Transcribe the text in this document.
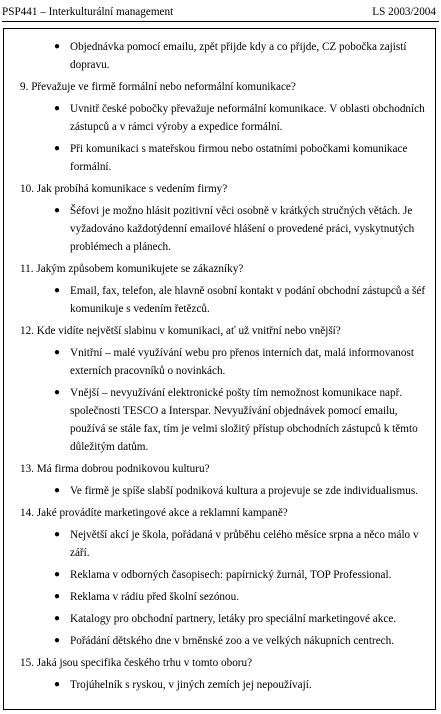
PSP441 – Interkulturální management	LS 2003/2004
● Objednávka pomocí emailu, zpět přijde kdy a co přijde, CZ pobočka zajistí dopravu.
9. Převažuje ve firmě formální nebo neformální komunikace?
● Uvnitř české pobočky převažuje neformální komunikace. V oblasti obchodních zástupců a v rámci výroby a expedice formální.
● Při komunikaci s mateřskou firmou nebo ostatními pobočkami komunikace formální.
10. Jak probíhá komunikace s vedením firmy?
● Šéfovi je možno hlásit pozitivní věci osobně v krátkých stručných větách. Je vyžadováno každotýdenní emailové hlášení o provedené práci, vyskytnutých problémech a plánech.
11. Jakým způsobem komunikujete se zákazníky?
● Email, fax, telefon, ale hlavně osobní kontakt v podání obchodní zástupců a šéf komunikuje s vedením řetězců.
12. Kde vidíte největší slabinu v komunikaci, ať už vnitřní nebo vnější?
● Vnitřní – malé využívání webu pro přenos interních dat, malá informovanost externích pracovníků o novinkách.
● Vnější – nevyužívání elektronické pošty tím nemožnost komunikace např. společnosti TESCO a Interspar. Nevyužívání objednávek pomocí emailu, používá se stále fax, tím je velmi složitý přístup obchodních zástupců k těmto důležitým datům.
13. Má firma dobrou podnikovou kulturu?
● Ve firmě je spíše slabší podniková kultura a projevuje se zde individualismus.
14. Jaké provádíte marketingové akce a reklamní kampaně?
● Největší akcí je škola, pořádaná v průběhu celého měsíce srpna a něco málo v září.
● Reklama v odborných časopisech: papírnický žurnál, TOP Professional.
● Reklama v rádiu před školní sezónou.
● Katalogy pro obchodní partnery, letáky pro speciální marketingové akce.
● Pořádání dětského dne v brněnské zoo a ve velkých nákupních centrech.
15. Jaká jsou specifika českého trhu v tomto oboru?
● Trojúhelník s ryskou, v jiných zemích jej nepoužívají.
